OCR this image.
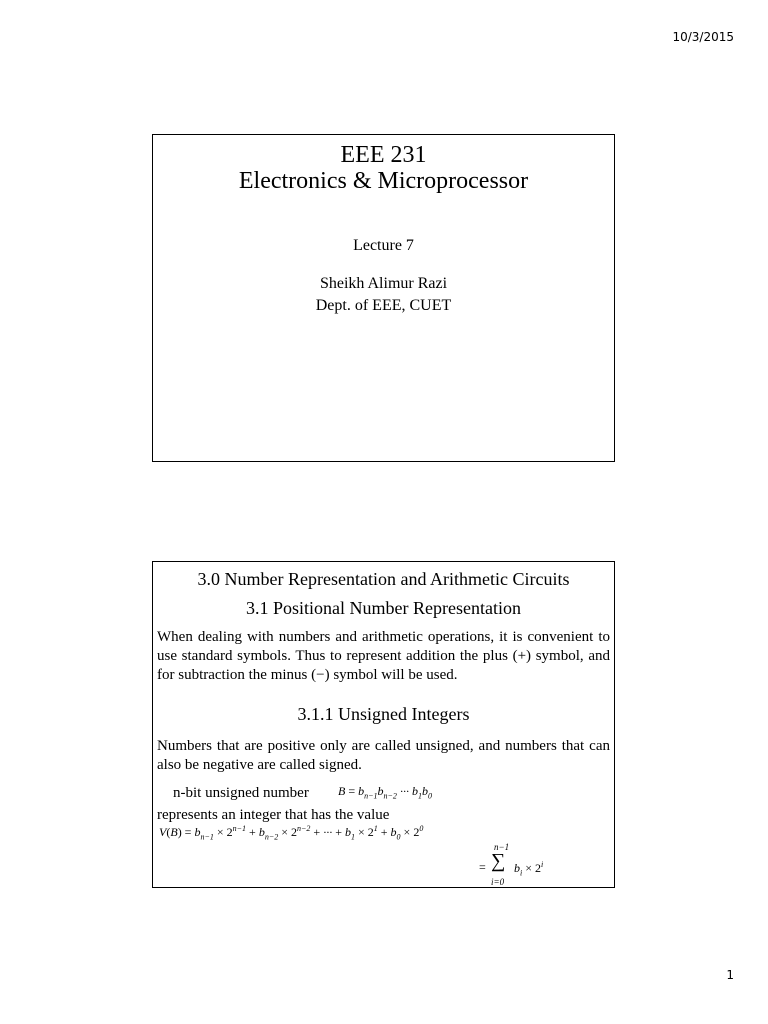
10/3/2015
EEE 231
Electronics & Microprocessor
Lecture 7
Sheikh Alimur Razi
Dept. of EEE, CUET
3.0 Number Representation and Arithmetic Circuits
3.1 Positional Number Representation
When dealing with numbers and arithmetic operations, it is convenient to use standard symbols. Thus to represent addition the plus (+) symbol, and for subtraction the minus (−) symbol will be used.
3.1.1 Unsigned Integers
Numbers that are positive only are called unsigned, and numbers that can also be negative are called signed.
n-bit unsigned number $B = b_{n-1}b_{n-2}$ ··· $b_1b_0$
represents an integer that has the value
$V(B) = b_{n-1} \times 2^{n-1} + b_{n-2} \times 2^{n-2}$ + ··· + $b_1 \times 2^1 + b_0 \times 2^0$
n−1
= ∑ $b_i \times 2^i$
i=0
1
